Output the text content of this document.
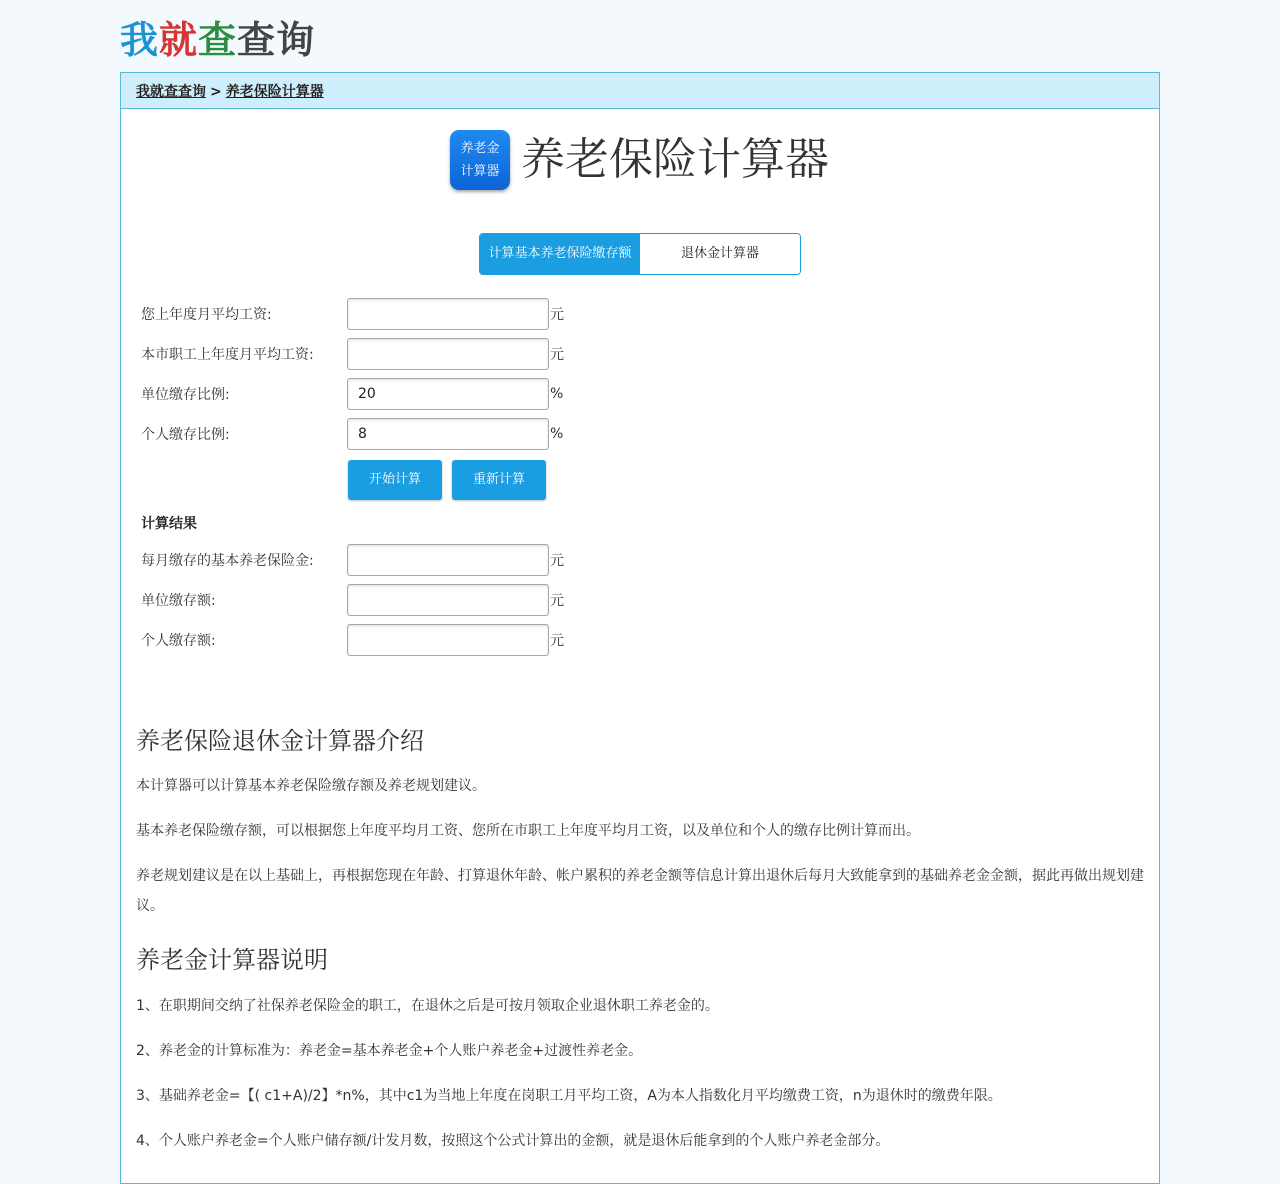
我就查查询
我就查查询 > 养老保险计算器
养老金
计算器 养老保险计算器
计算基本养老保险缴存额	退休金计算器
您上年度月平均工资:	元
本市职工上年度月平均工资:	元
单位缴存比例:
20	%
个人缴存比例:
8	%
开始计算	重新计算
计算结果
每月缴存的基本养老保险金:	元
单位缴存额:	元
个人缴存额:	元
养老保险退休金计算器介绍

本计算器可以计算基本养老保险缴存额及养老规划建议。

基本养老保险缴存额，可以根据您上年度平均月工资、您所在市职工上年度平均月工资，以及单位和个人的缴存比例计算而出。

养老规划建议是在以上基础上，再根据您现在年龄、打算退休年龄、帐户累积的养老金额等信息计算出退休后每月大致能拿到的基础养老金金额，据此再做出规划建议。

养老金计算器说明

1、在职期间交纳了社保养老保险金的职工，在退休之后是可按月领取企业退休职工养老金的。

2、养老金的计算标准为：养老金=基本养老金+个人账户养老金+过渡性养老金。

3、基础养老金=【( c1+A)/2】*n%，其中c1为当地上年度在岗职工月平均工资，A为本人指数化月平均缴费工资，n为退休时的缴费年限。

4、个人账户养老金=个人账户储存额/计发月数，按照这个公式计算出的金额，就是退休后能拿到的个人账户养老金部分。
